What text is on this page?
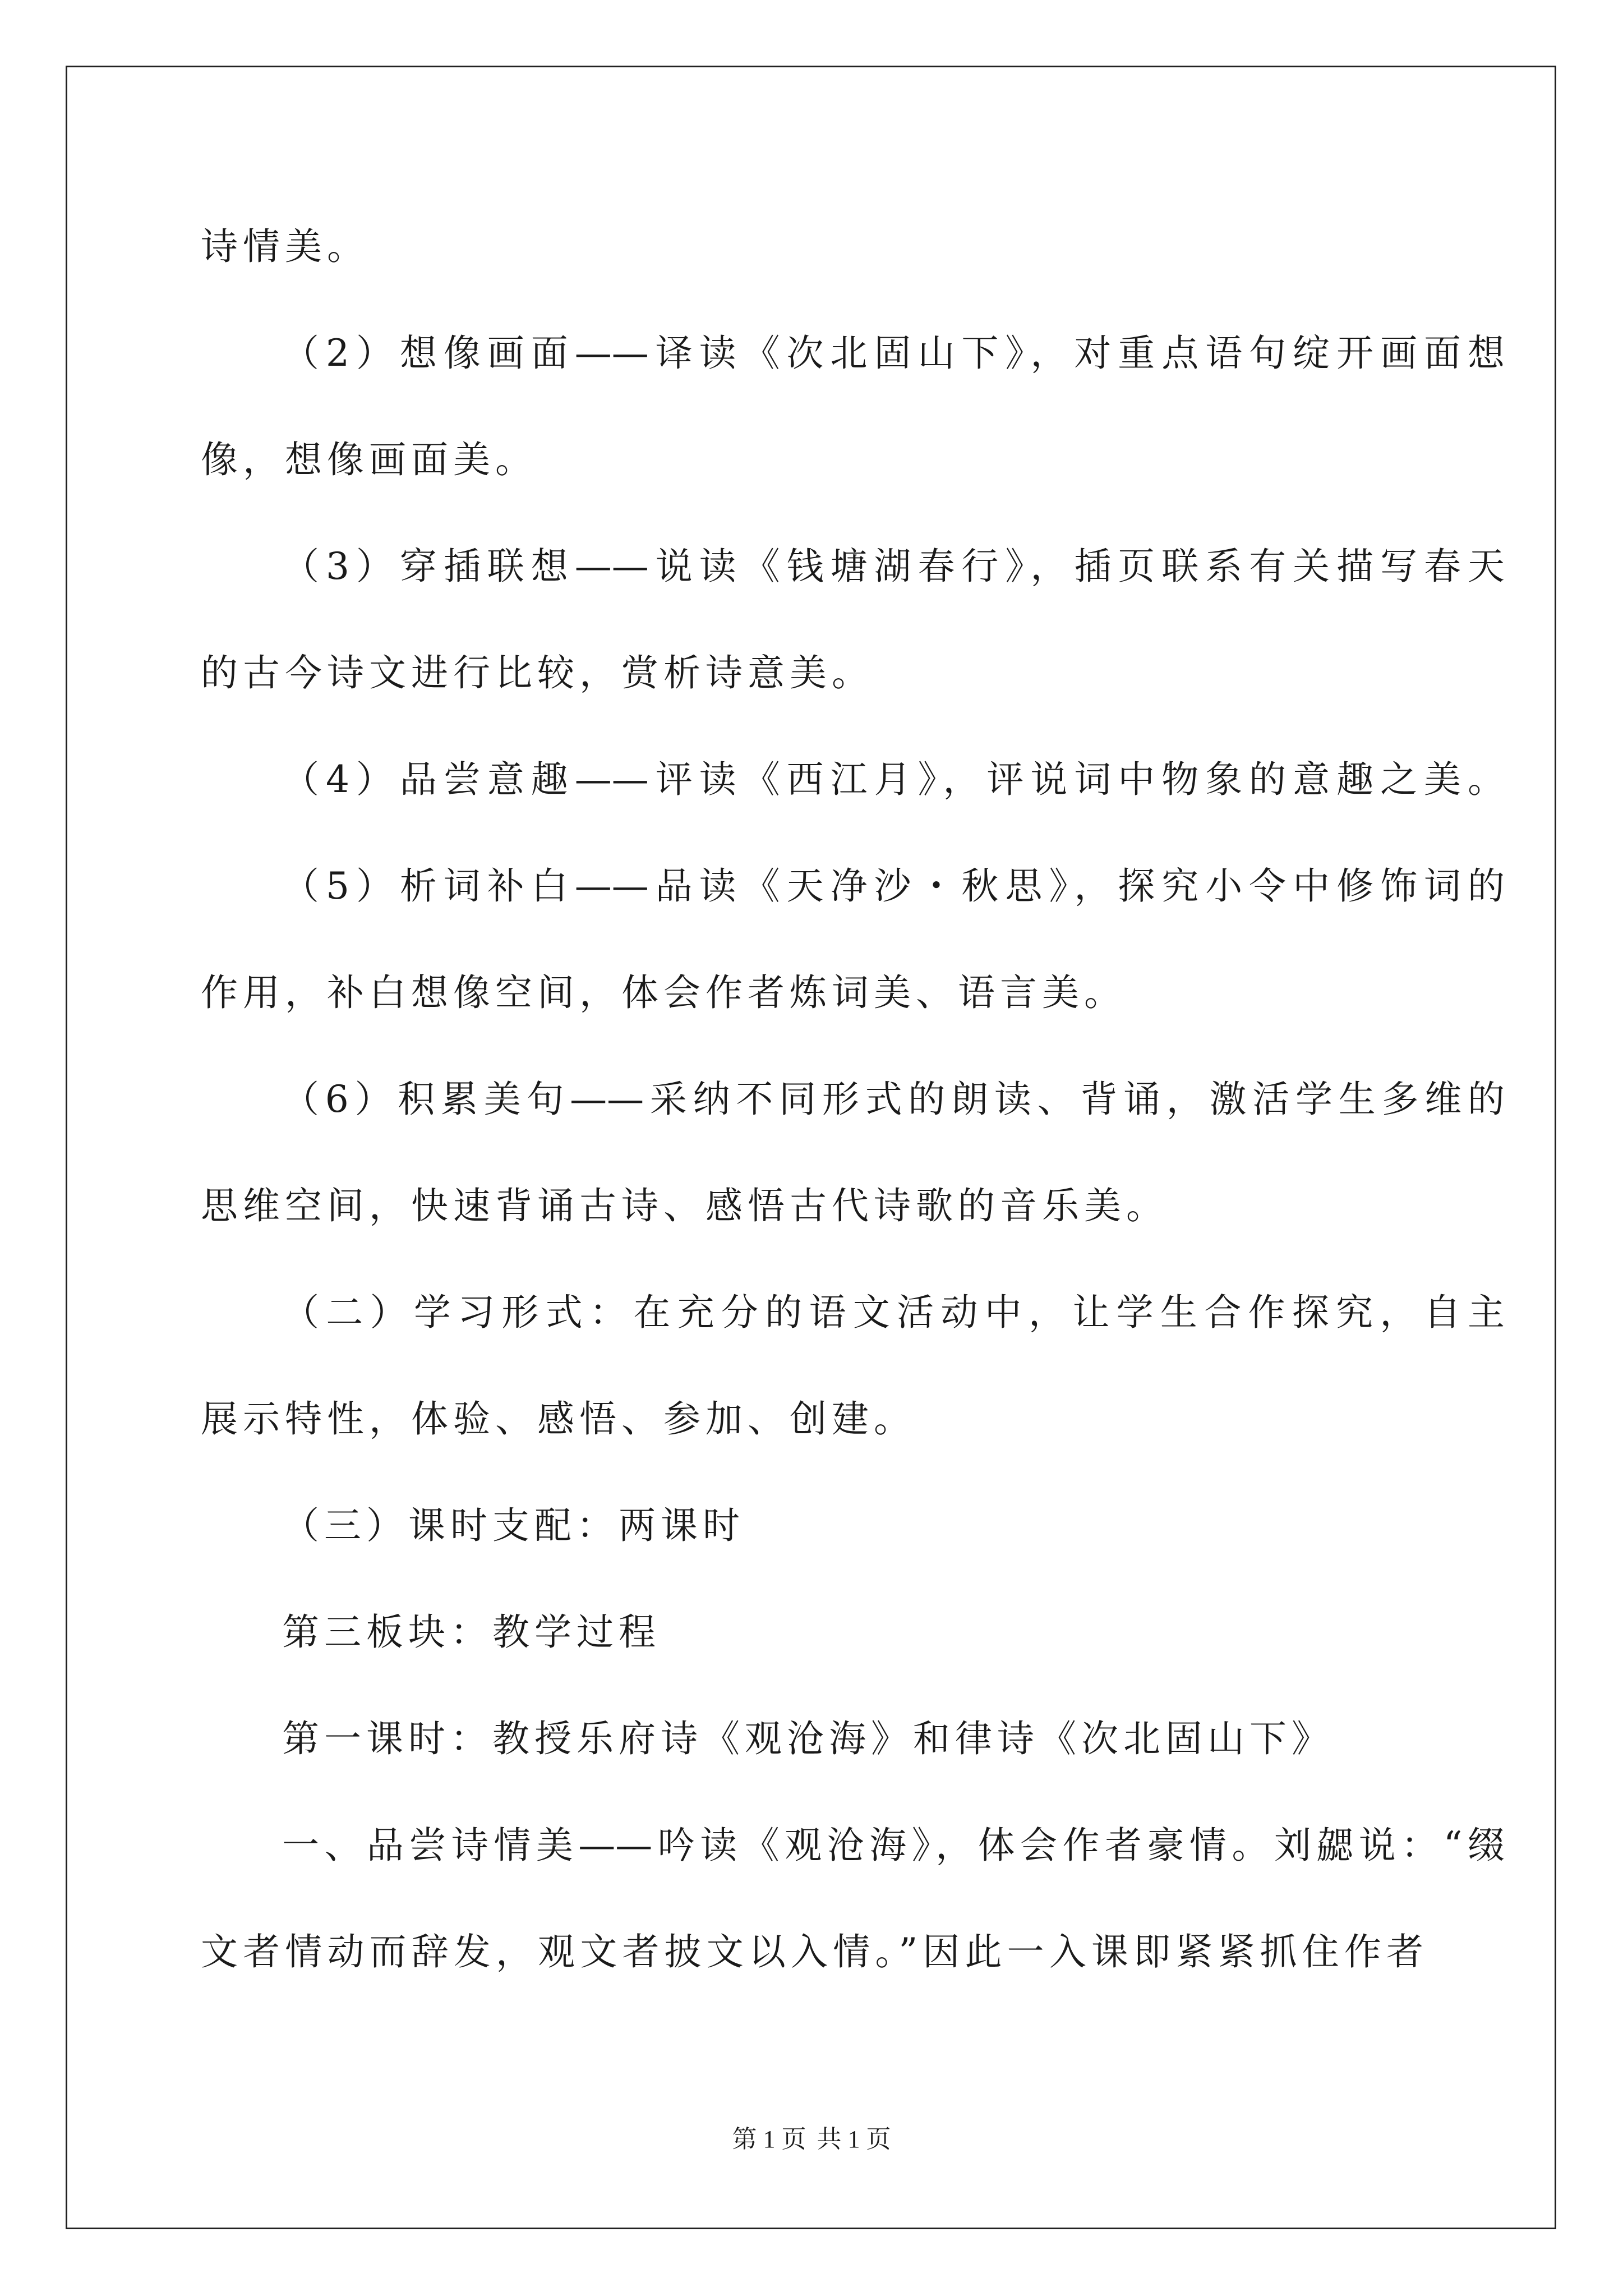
诗情美。
（2）想像画面——译读《次北固山下》，对重点语句绽开画面想
像，想像画面美。
（3）穿插联想——说读《钱塘湖春行》，插页联系有关描写春天
的古今诗文进行比较，赏析诗意美。
（4）品尝意趣——评读《西江月》，评说词中物象的意趣之美。
（5）析词补白——品读《天净沙・秋思》，探究小令中修饰词的
作用，补白想像空间，体会作者炼词美、语言美。
（6）积累美句——采纳不同形式的朗读、背诵，激活学生多维的
思维空间，快速背诵古诗、感悟古代诗歌的音乐美。
（二）学习形式：在充分的语文活动中，让学生合作探究，自主
展示特性，体验、感悟、参加、创建。
（三）课时支配：两课时
第三板块：教学过程
第一课时：教授乐府诗《观沧海》和律诗《次北固山下》
一、品尝诗情美——吟读《观沧海》，体会作者豪情。刘勰说：“缀
文者情动而辞发，观文者披文以入情。”因此一入课即紧紧抓住作者
第 1 页 共 1 页
